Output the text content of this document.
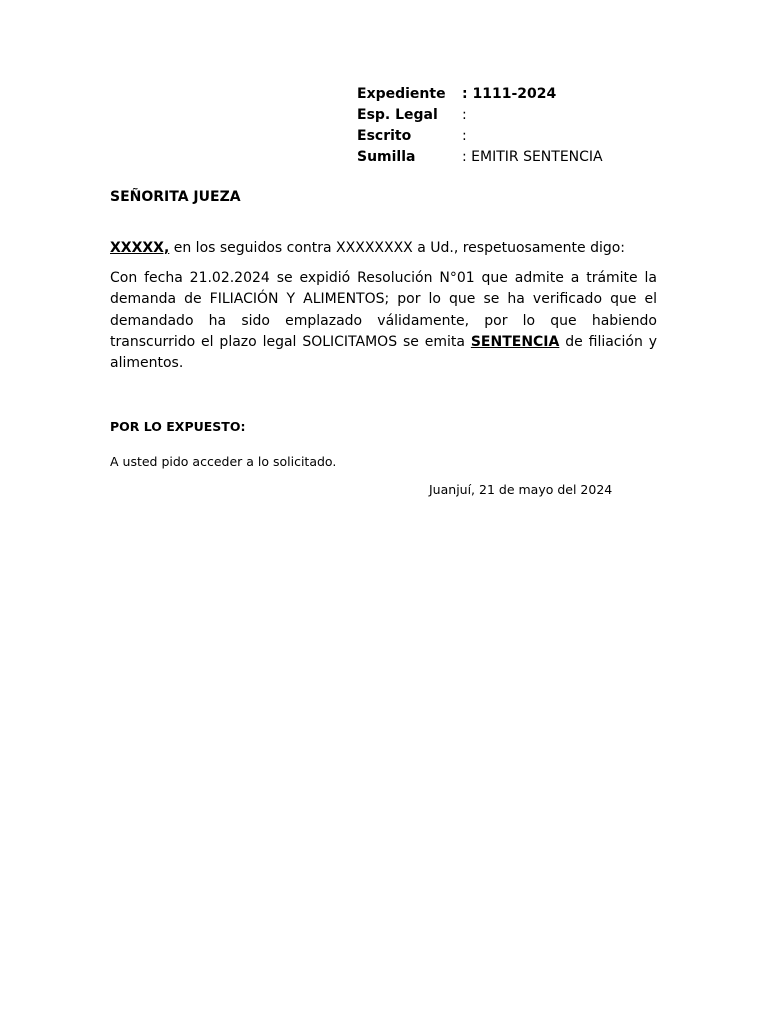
Expediente	: 1111-2024
Esp. Legal	:
Escrito	:
Sumilla	: EMITIR SENTENCIA
SEÑORITA JUEZA
XXXXX, en los seguidos contra XXXXXXXX a Ud., respetuosamente digo:

Con fecha 21.02.2024 se expidió Resolución N°01 que admite a trámite la demanda de FILIACIÓN Y ALIMENTOS; por lo que se ha verificado que el demandado ha sido emplazado válidamente, por lo que habiendo transcurrido el plazo legal SOLICITAMOS se emita SENTENCIA de filiación y alimentos.

POR LO EXPUESTO:
A usted pido acceder a lo solicitado.
Juanjuí, 21 de mayo del 2024
